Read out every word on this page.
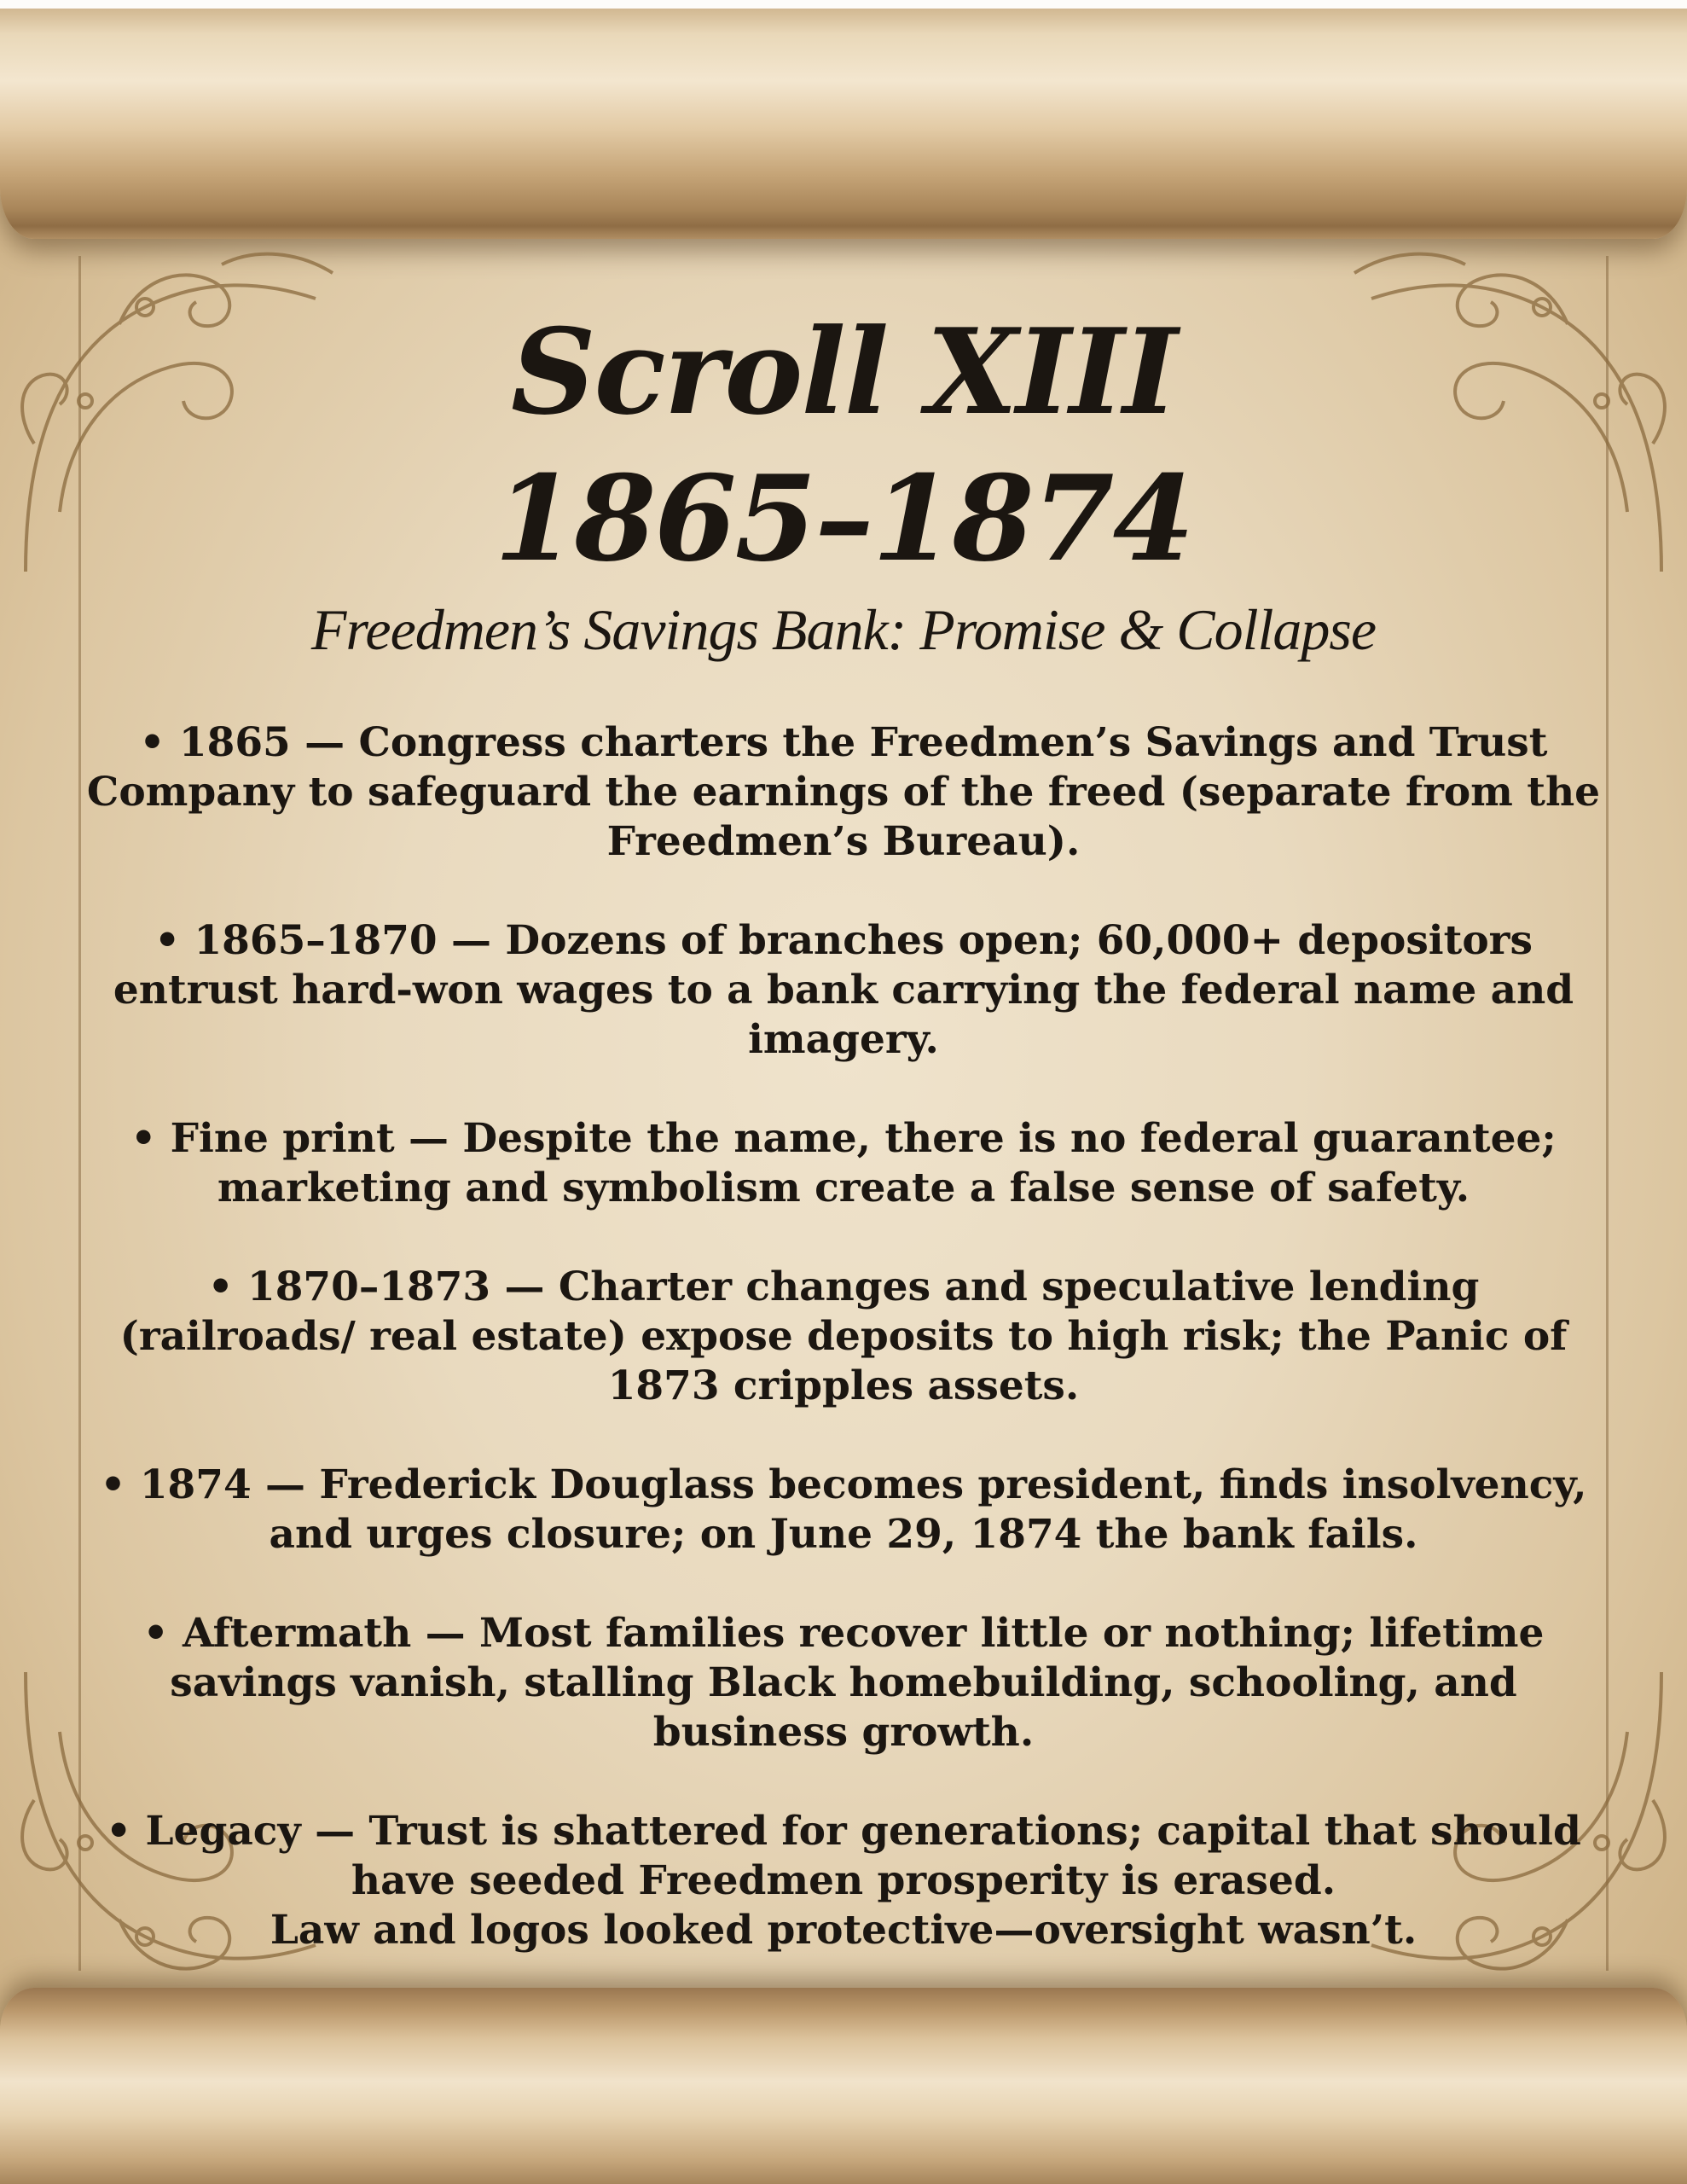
Scroll XIII
1865–1874
Freedmen’s Savings Bank: Promise & Collapse
• 1865 — Congress charters the Freedmen’s Savings and Trust Company to safeguard the earnings of the freed (separate from the Freedmen’s Bureau).
• 1865–1870 — Dozens of branches open; 60,000+ depositors entrust hard-won wages to a bank carrying the federal name and imagery.
• Fine print — Despite the name, there is no federal guarantee; marketing and symbolism create a false sense of safety.
• 1870–1873 — Charter changes and speculative lending (railroads/ real estate) expose deposits to high risk; the Panic of 1873 cripples assets.
• 1874 — Frederick Douglass becomes president, finds insolvency, and urges closure; on June 29, 1874 the bank fails.
• Aftermath — Most families recover little or nothing; lifetime savings vanish, stalling Black homebuilding, schooling, and business growth.
• Legacy — Trust is shattered for generations; capital that should have seeded Freedmen prosperity is erased.
Law and logos looked protective—oversight wasn’t.
